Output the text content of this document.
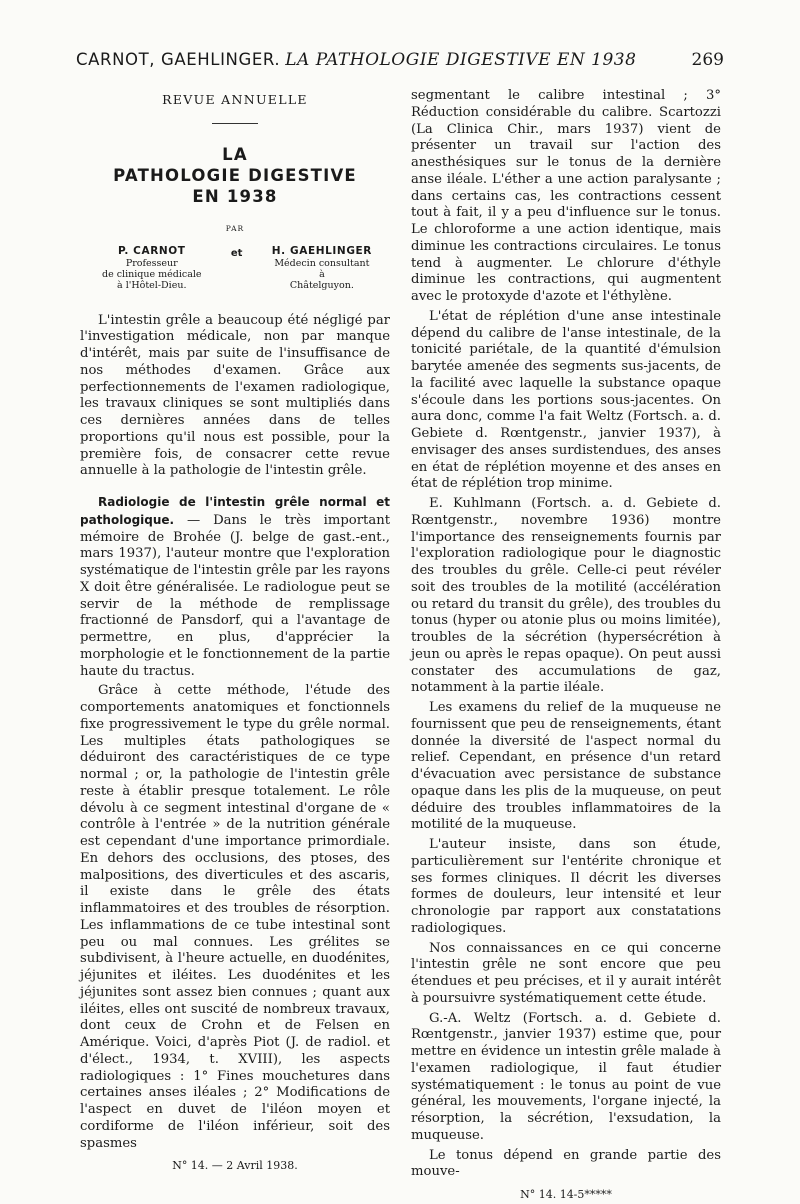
CARNOT, GAEHLINGER. LA PATHOLOGIE DIGESTIVE EN 1938	269
REVUE ANNUELLE
LA
PATHOLOGIE DIGESTIVE
EN 1938
PAR
P. CARNOT
Professeur
de clinique médicale
à l'Hôtel-Dieu.
et	H. GAEHLINGER
Médecin consultant
à
Châtelguyon.

L'intestin grêle a beaucoup été négligé par l'investigation médicale, non par manque d'intérêt, mais par suite de l'insuffisance de nos méthodes d'examen. Grâce aux perfectionnements de l'examen radiologique, les travaux cliniques se sont multipliés dans ces dernières années dans de telles proportions qu'il nous est possible, pour la première fois, de consacrer cette revue annuelle à la pathologie de l'intestin grêle.

Radiologie de l'intestin grêle normal et pathologique. — Dans le très important mémoire de Brohée (J. belge de gast.-ent., mars 1937), l'auteur montre que l'exploration systématique de l'intestin grêle par les rayons X doit être généralisée. Le radiologue peut se servir de la méthode de remplissage fractionné de Pansdorf, qui a l'avantage de permettre, en plus, d'apprécier la morphologie et le fonctionnement de la partie haute du tractus.

Grâce à cette méthode, l'étude des comportements anatomiques et fonctionnels fixe progressivement le type du grêle normal. Les multiples états pathologiques se déduiront des caractéristiques de ce type normal ; or, la pathologie de l'intestin grêle reste à établir presque totalement. Le rôle dévolu à ce segment intestinal d'organe de « contrôle à l'entrée » de la nutrition générale est cependant d'une importance primordiale. En dehors des occlusions, des ptoses, des malpositions, des diverticules et des ascaris, il existe dans le grêle des états inflammatoires et des troubles de résorption. Les inflammations de ce tube intestinal sont peu ou mal connues. Les grélites se subdivisent, à l'heure actuelle, en duodénites, jéjunites et iléites. Les duodénites et les jéjunites sont assez bien connues ; quant aux iléites, elles ont suscité de nombreux travaux, dont ceux de Crohn et de Felsen en Amérique. Voici, d'après Piot (J. de radiol. et d'élect., 1934, t. XVIII), les aspects radiologiques : 1° Fines mouchetures dans certaines anses iléales ; 2° Modifications de l'aspect en duvet de l'iléon moyen et cordiforme de l'iléon inférieur, soit des spasmes

N° 14. — 2 Avril 1938.

segmentant le calibre intestinal ; 3° Réduction considérable du calibre. Scartozzi (La Clinica Chir., mars 1937) vient de présenter un travail sur l'action des anesthésiques sur le tonus de la dernière anse iléale. L'éther a une action paralysante ; dans certains cas, les contractions cessent tout à fait, il y a peu d'influence sur le tonus. Le chloroforme a une action identique, mais diminue les contractions circulaires. Le tonus tend à augmenter. Le chlorure d'éthyle diminue les contractions, qui augmentent avec le protoxyde d'azote et l'éthylène.

L'état de réplétion d'une anse intestinale dépend du calibre de l'anse intestinale, de la tonicité pariétale, de la quantité d'émulsion barytée amenée des segments sus-jacents, de la facilité avec laquelle la substance opaque s'écoule dans les portions sous-jacentes. On aura donc, comme l'a fait Weltz (Fortsch. a. d. Gebiete d. Rœntgenstr., janvier 1937), à envisager des anses surdistendues, des anses en état de réplétion moyenne et des anses en état de réplétion trop minime.

E. Kuhlmann (Fortsch. a. d. Gebiete d. Rœntgenstr., novembre 1936) montre l'importance des renseignements fournis par l'exploration radiologique pour le diagnostic des troubles du grêle. Celle-ci peut révéler soit des troubles de la motilité (accélération ou retard du transit du grêle), des troubles du tonus (hyper ou atonie plus ou moins limitée), troubles de la sécrétion (hypersécrétion à jeun ou après le repas opaque). On peut aussi constater des accumulations de gaz, notamment à la partie iléale.

Les examens du relief de la muqueuse ne fournissent que peu de renseignements, étant donnée la diversité de l'aspect normal du relief. Cependant, en présence d'un retard d'évacuation avec persistance de substance opaque dans les plis de la muqueuse, on peut déduire des troubles inflammatoires de la motilité de la muqueuse.

L'auteur insiste, dans son étude, particulièrement sur l'entérite chronique et ses formes cliniques. Il décrit les diverses formes de douleurs, leur intensité et leur chronologie par rapport aux constatations radiologiques.

Nos connaissances en ce qui concerne l'intestin grêle ne sont encore que peu étendues et peu précises, et il y aurait intérêt à poursuivre systématiquement cette étude.

G.-A. Weltz (Fortsch. a. d. Gebiete d. Rœntgenstr., janvier 1937) estime que, pour mettre en évidence un intestin grêle malade à l'examen radiologique, il faut étudier systématiquement : le tonus au point de vue général, les mouvements, l'organe injecté, la résorption, la sécrétion, l'exsudation, la muqueuse.

Le tonus dépend en grande partie des mouve-

N° 14. 14-5*****
